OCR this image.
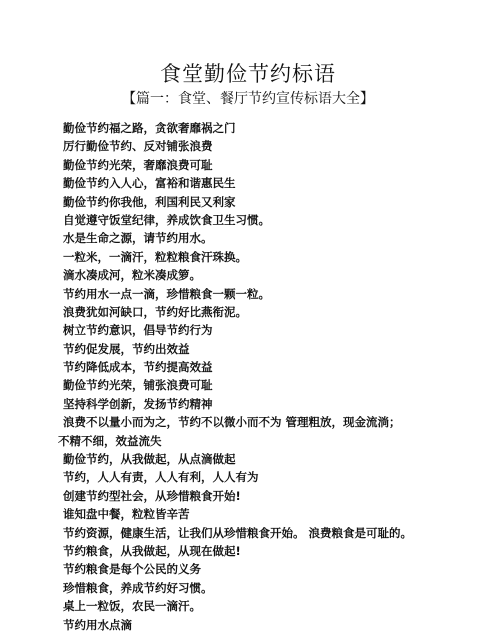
食堂勤俭节约标语

【篇一：食堂、餐厅节约宣传标语大全】

勤俭节约福之路，贪欲奢靡祸之门
厉行勤俭节约、反对铺张浪费
勤俭节约光荣，奢靡浪费可耻
勤俭节约入人心，富裕和谐惠民生
勤俭节约你我他，利国利民又利家
自觉遵守饭堂纪律，养成饮食卫生习惯。
水是生命之源，请节约用水。
一粒米，一滴汗，粒粒粮食汗珠换。
滴水凑成河，粒米凑成箩。
节约用水一点一滴，珍惜粮食一颗一粒。
浪费犹如河缺口，节约好比燕衔泥。
树立节约意识，倡导节约行为
节约促发展，节约出效益
节约降低成本，节约提高效益
勤俭节约光荣，铺张浪费可耻
坚持科学创新，发扬节约精神
浪费不以量小而为之，节约不以微小而不为 管理粗放，现金流淌；
不精不细，效益流失
勤俭节约，从我做起，从点滴做起
节约，人人有责，人人有利，人人有为
创建节约型社会，从珍惜粮食开始!
谁知盘中餐，粒粒皆辛苦
节约资源，健康生活，让我们从珍惜粮食开始。 浪费粮食是可耻的。
节约粮食，从我做起，从现在做起!
节约粮食是每个公民的义务
珍惜粮食，养成节约好习惯。
桌上一粒饭，农民一滴汗。
节约用水点滴
